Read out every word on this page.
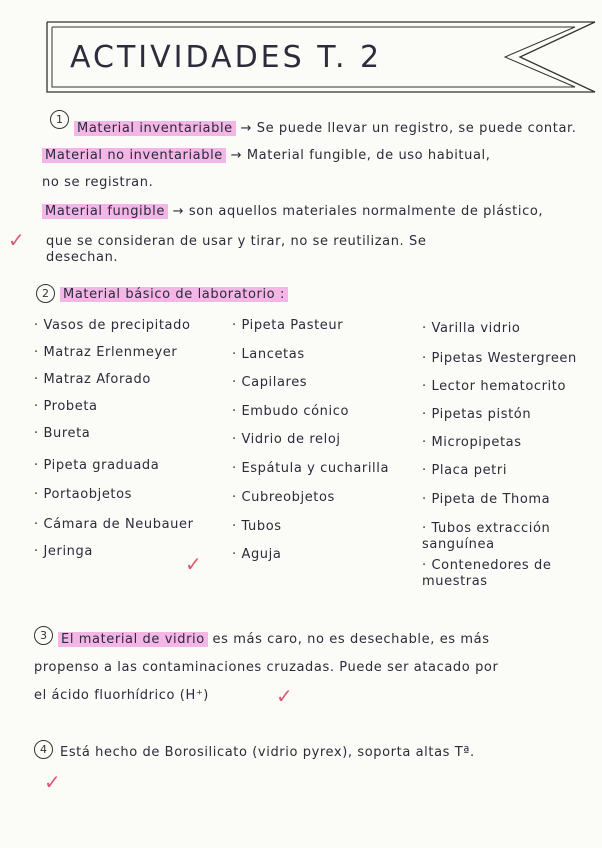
ACTIVIDADES T. 2
1
Material inventariable → Se puede llevar un registro, se puede contar.
Material no inventariable → Material fungible, de uso habitual,
no se registran.
Material fungible → son aquellos materiales normalmente de plástico,
✓ que se consideran de usar y tirar, no se reutilizan. Se
desechan.
2	Material básico de laboratorio :
· Vasos de precipitado
· Matraz Erlenmeyer
· Matraz Aforado
· Probeta
· Bureta
· Pipeta graduada
· Portaobjetos
· Cámara de Neubauer
· Jeringa
· Pipeta Pasteur
· Lancetas
· Capilares
· Embudo cónico
· Vidrio de reloj
· Espátula y cucharilla
· Cubreobjetos
· Tubos
· Aguja
· Varilla vidrio
· Pipetas Westergreen
· Lector hematocrito
· Pipetas pistón
· Micropipetas
· Placa petri
· Pipeta de Thoma
· Tubos extracción sanguínea
· Contenedores de muestras
✓
3	El material de vidrio es más caro, no es desechable, es más
propenso a las contaminaciones cruzadas. Puede ser atacado por
el ácido fluorhídrico (H⁺)	✓
4	Está hecho de Borosilicato (vidrio pyrex), soporta altas Tª.
✓
